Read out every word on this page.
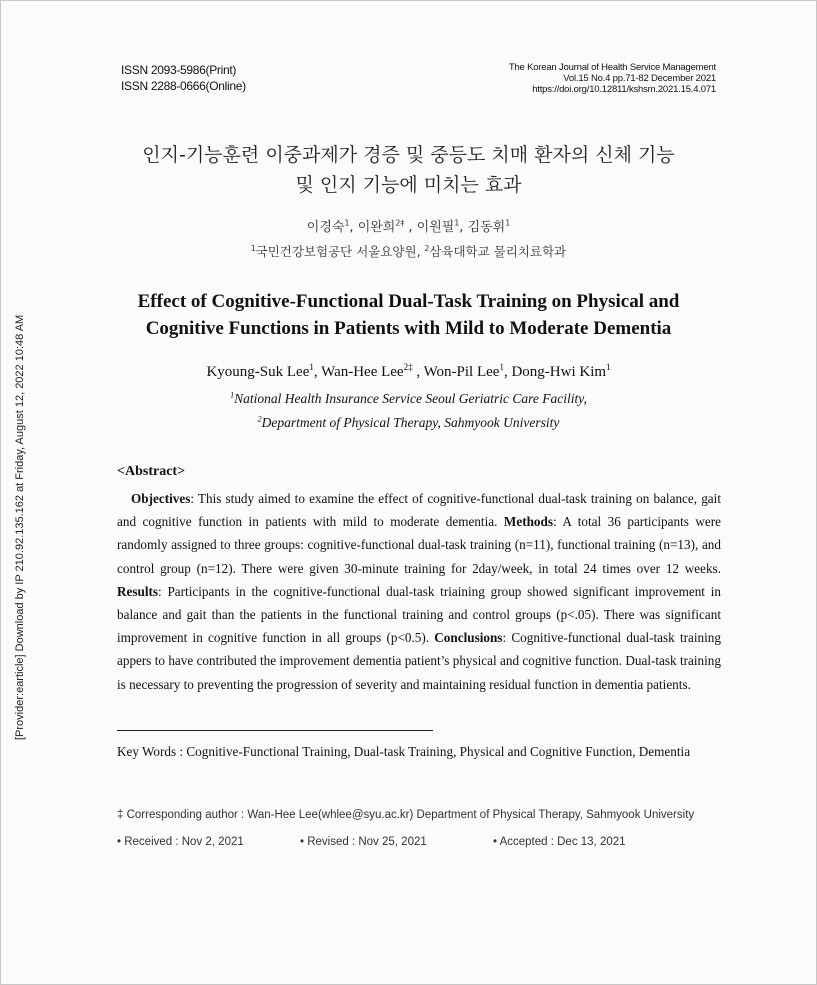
[Provider:earticle] Download by IP 210.92.135.162 at Friday, August 12, 2022 10:48 AM
ISSN 2093-5986(Print)
ISSN 2288-0666(Online)
The Korean Journal of Health Service Management
Vol.15 No.4 pp.71-82 December 2021
https://doi.org/10.12811/kshsm.2021.15.4.071
인지-기능훈련 이중과제가 경증 및 중등도 치매 환자의 신체 기능
및 인지 기능에 미치는 효과
이경숙$^1$, 이완희$^{2\ddagger}$ , 이원필$^1$, 김동휘$^1$
$^1$국민건강보험공단 서울요양원, $^2$삼육대학교 물리치료학과
Effect of Cognitive-Functional Dual-Task Training on Physical and
Cognitive Functions in Patients with Mild to Moderate Dementia
Kyoung-Suk Lee$^1$, Wan-Hee Lee$^{2\ddagger}$ , Won-Pil Lee$^1$, Dong-Hwi Kim$^1$
$^1$National Health Insurance Service Seoul Geriatric Care Facility,
$^2$Department of Physical Therapy, Sahmyook University
<Abstract>
Objectives: This study aimed to examine the effect of cognitive-functional dual-task training on balance, gait and cognitive function in patients with mild to moderate dementia. Methods: A total 36 participants were randomly assigned to three groups: cognitive-functional dual-task training (n=11), functional training (n=13), and control group (n=12). There were given 30-minute training for 2day/week, in total 24 times over 12 weeks. Results: Participants in the cognitive-functional dual-task triaining group showed significant improvement in balance and gait than the patients in the functional training and control groups (p<.05). There was significant improvement in cognitive function in all groups (p<0.5). Conclusions: Cognitive-functional dual-task training appers to have contributed the improvement dementia patient’s physical and cognitive function. Dual-task training is necessary to preventing the progression of severity and maintaining residual function in dementia patients.
Key Words : Cognitive-Functional Training, Dual-task Training, Physical and Cognitive Function, Dementia
‡ Corresponding author : Wan-Hee Lee(whlee@syu.ac.kr) Department of Physical Therapy, Sahmyook University
• Received : Nov 2, 2021	• Revised : Nov 25, 2021	• Accepted : Dec 13, 2021
